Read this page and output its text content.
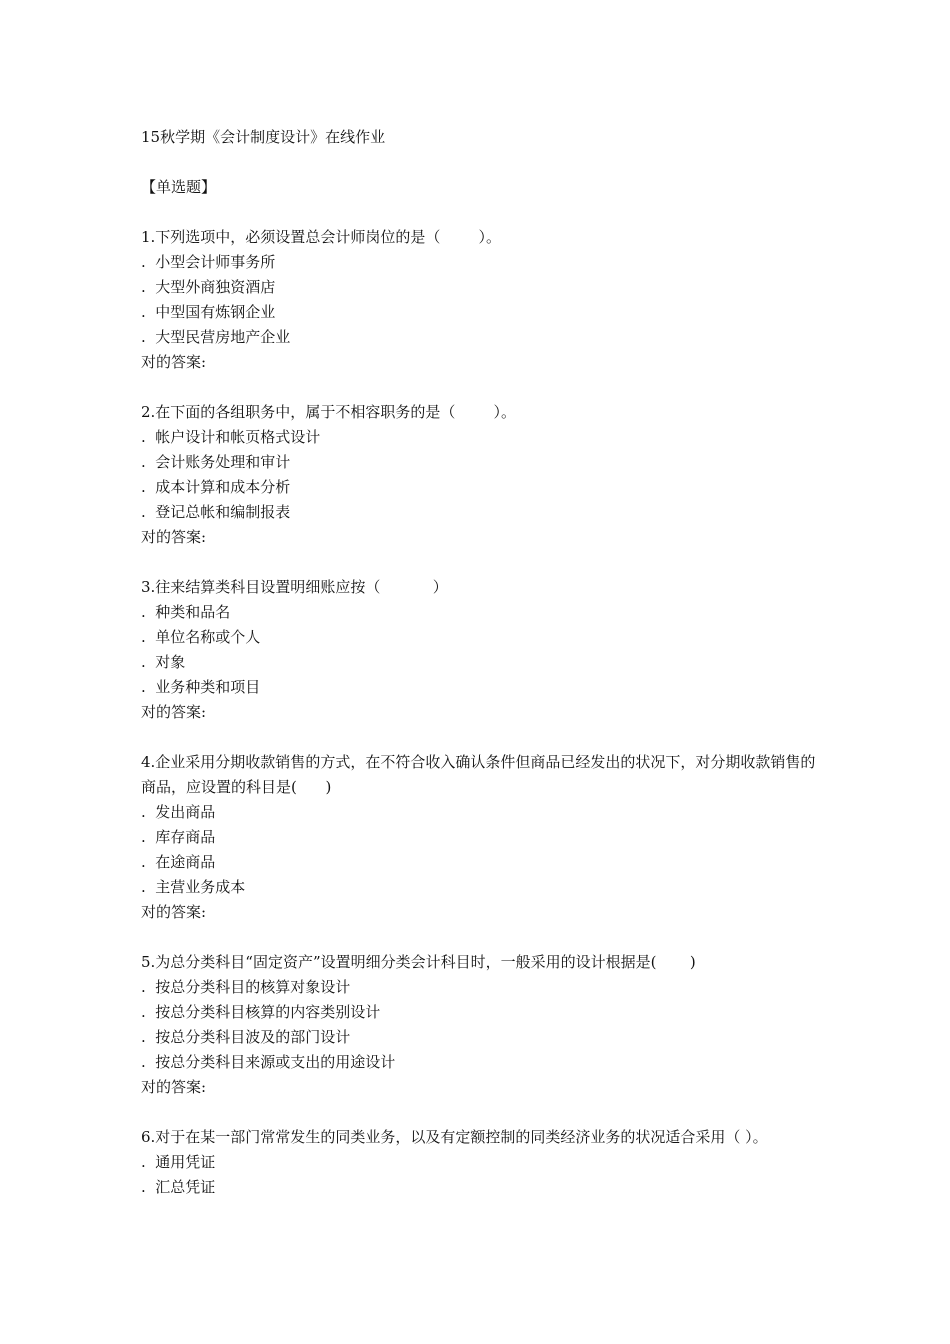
15秋学期《会计制度设计》在线作业

【单选题】

1.下列选项中，必须设置总会计师岗位的是（        ）。

.  小型会计师事务所

.  大型外商独资酒店

.  中型国有炼钢企业

.  大型民营房地产企业

对的答案:

2.在下面的各组职务中，属于不相容职务的是（        ）。

.  帐户设计和帐页格式设计

.  会计账务处理和审计

.  成本计算和成本分析

.  登记总帐和编制报表

对的答案:

3.往来结算类科目设置明细账应按（           ）

.  种类和品名

.  单位名称或个人

.  对象

.  业务种类和项目

对的答案:

4.企业采用分期收款销售的方式，在不符合收入确认条件但商品已经发出的状况下，对分期收款销售的商品，应设置的科目是(      )

.  发出商品

.  库存商品

.  在途商品

.  主营业务成本

对的答案:

5.为总分类科目“固定资产”设置明细分类会计科目时，一般采用的设计根据是(       )

.  按总分类科目的核算对象设计

.  按总分类科目核算的内容类别设计

.  按总分类科目波及的部门设计

.  按总分类科目来源或支出的用途设计

对的答案:

6.对于在某一部门常常发生的同类业务，以及有定额控制的同类经济业务的状况适合采用（ ）。

.  通用凭证

.  汇总凭证
